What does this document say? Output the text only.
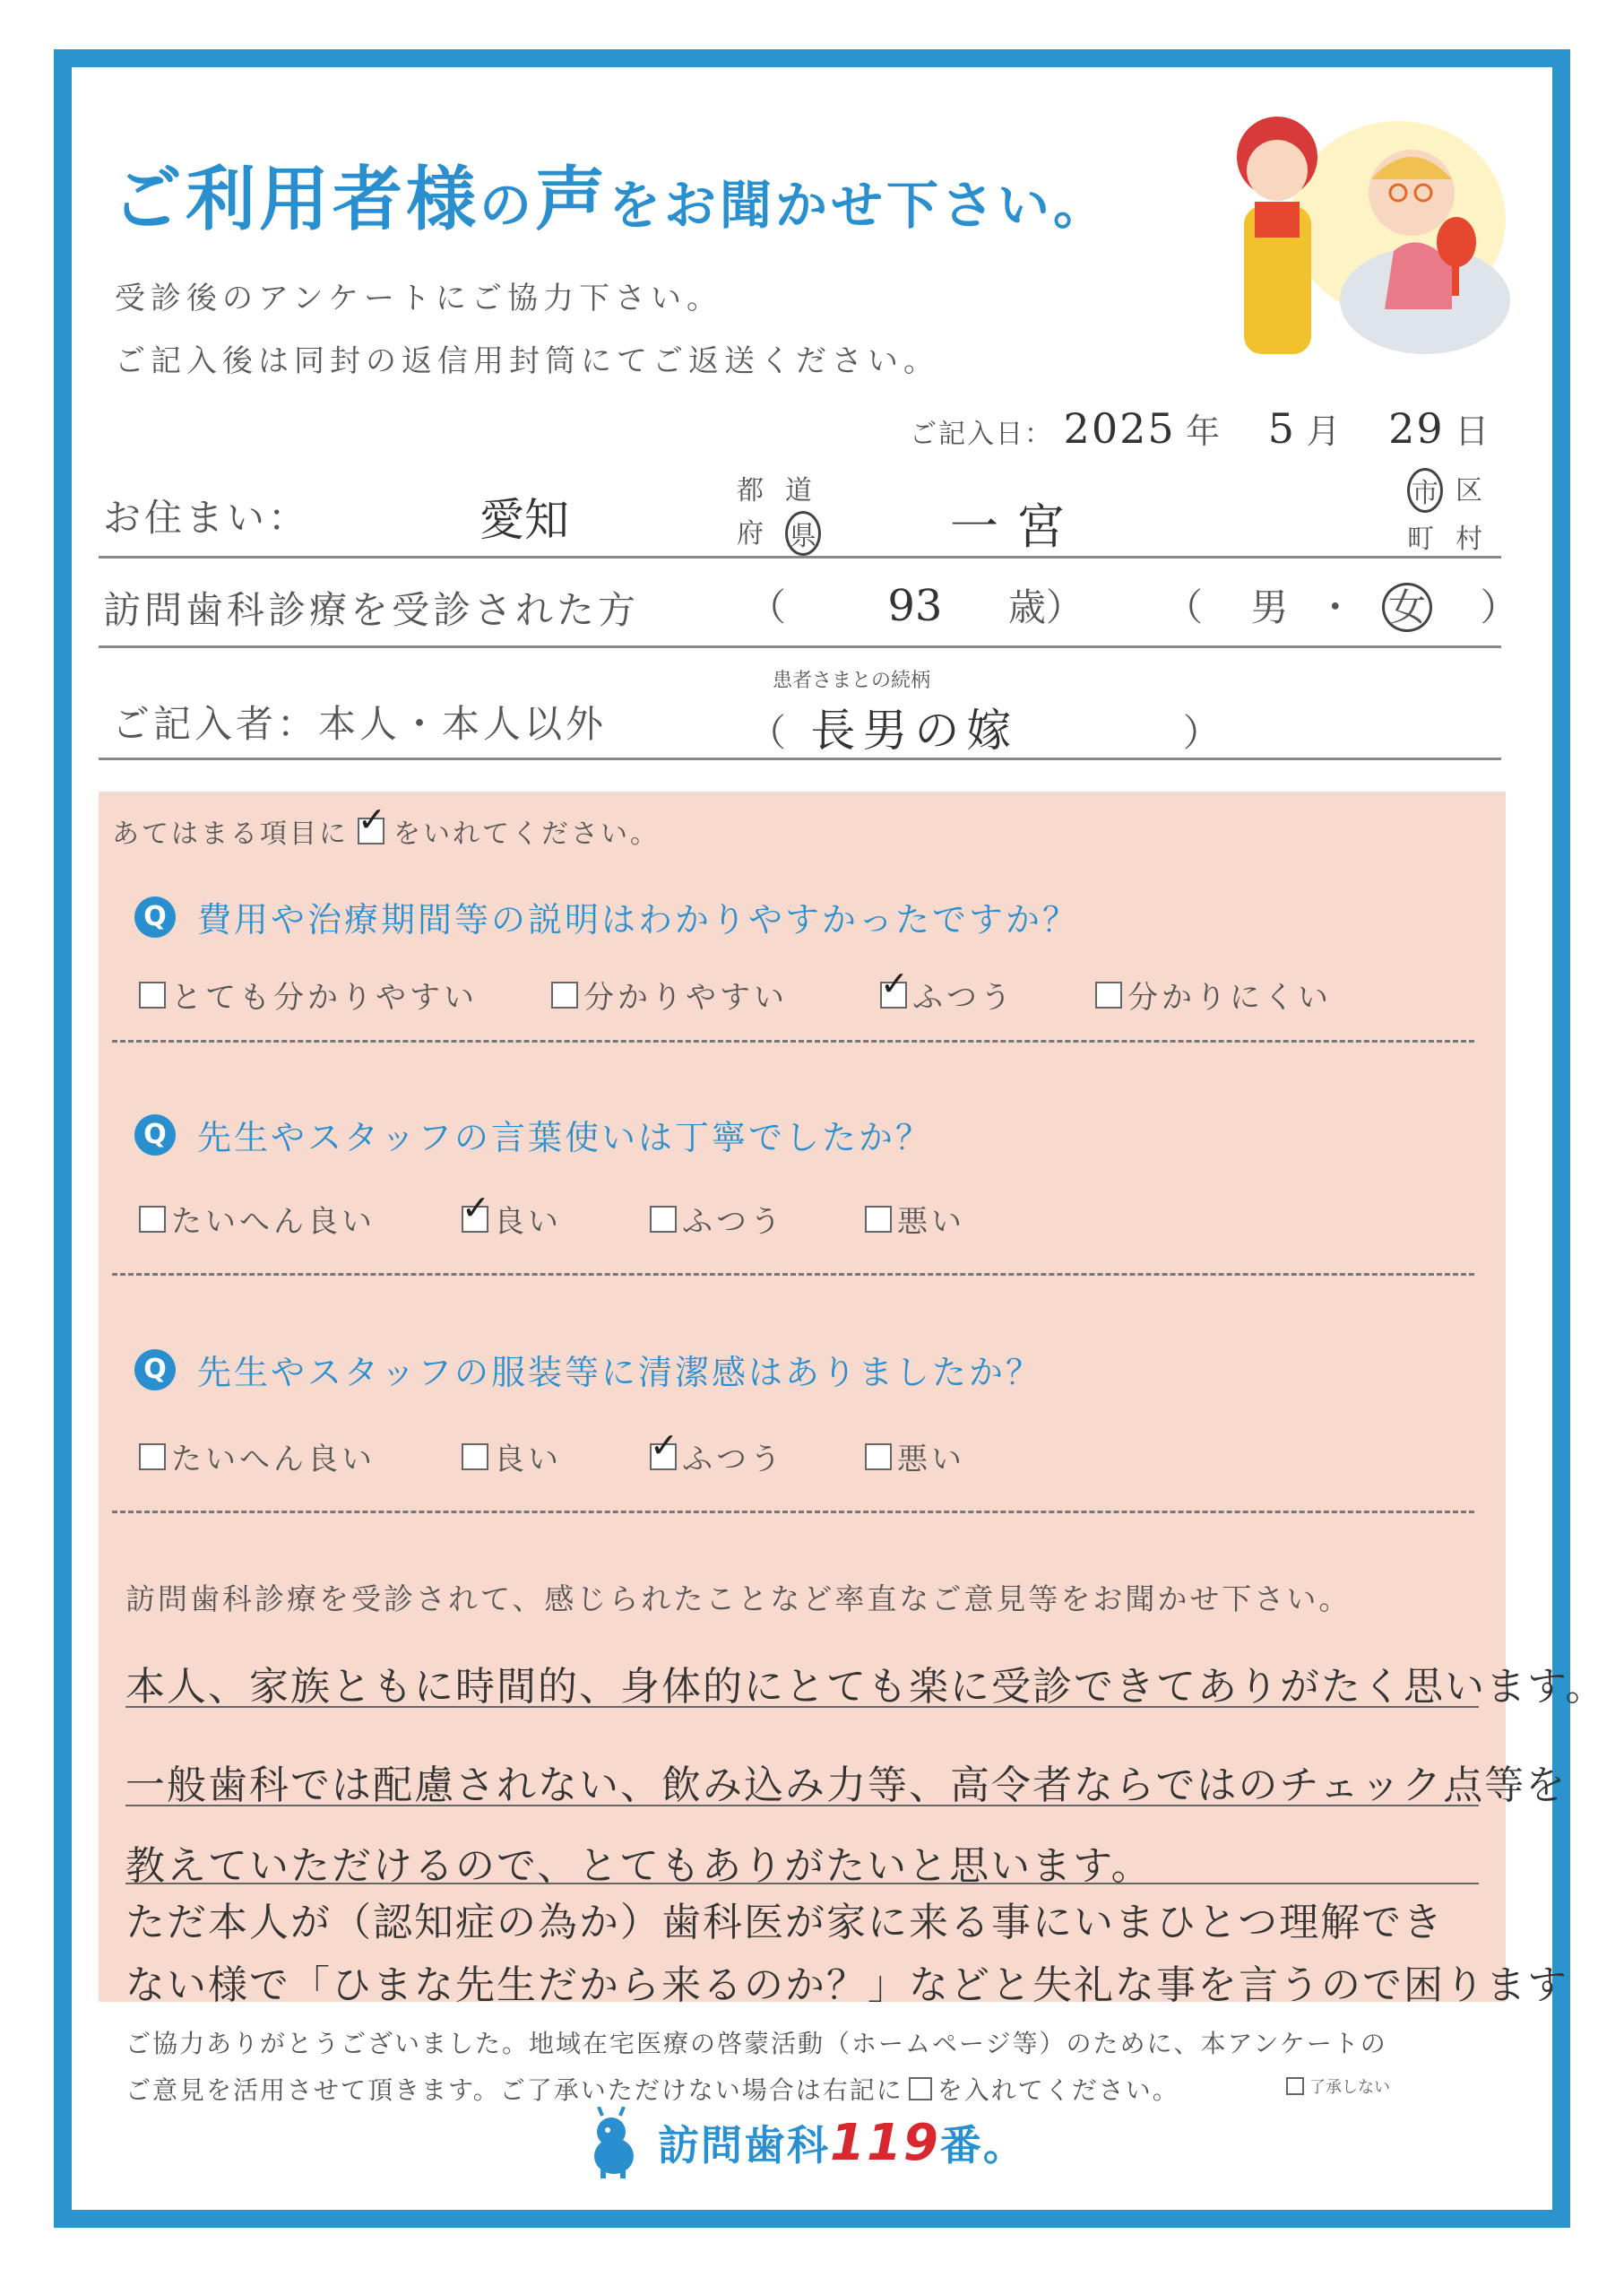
ご利用者様の声をお聞かせ下さい。
受診後のアンケートにご協力下さい。
ご記入後は同封の返信用封筒にてご返送ください。
ご記入日： 2025 年 5 月 29 日
お住まい：	愛知
都 道
府 県	一宮
市 区
町 村
訪問歯科診療を受診された方	（ 93 歳） （ 男 ・ 女 ）
患者さまとの続柄
ご記入者：本人・本人以外	（ 長男の嫁	）
あてはまる項目に ✓ をいれてください。
Q 費用や治療期間等の説明はわかりやすかったですか？
とても分かりやすい	分かりやすい ✓	ふつう	分かりにくい
Q 先生やスタッフの言葉使いは丁寧でしたか？
たいへん良い ✓	良い	ふつう	悪い
Q 先生やスタッフの服装等に清潔感はありましたか？
たいへん良い	良い ✓	ふつう	悪い
訪問歯科診療を受診されて、感じられたことなど率直なご意見等をお聞かせ下さい。
本人、家族ともに時間的、身体的にとても楽に受診できてありがたく思います。
一般歯科では配慮されない、飲み込み力等、高令者ならではのチェック点等を
教えていただけるので、とてもありがたいと思います。
ただ本人が（認知症の為か）歯科医が家に来る事にいまひとつ理解でき
ない様で「ひまな先生だから来るのか？」などと失礼な事を言うので困ります
ご協力ありがとうございました。地域在宅医療の啓蒙活動（ホームページ等）のために、本アンケートの
ご意見を活用させて頂きます。ご了承いただけない場合は右記に を入れてください。	了承しない
訪問歯科119番。
